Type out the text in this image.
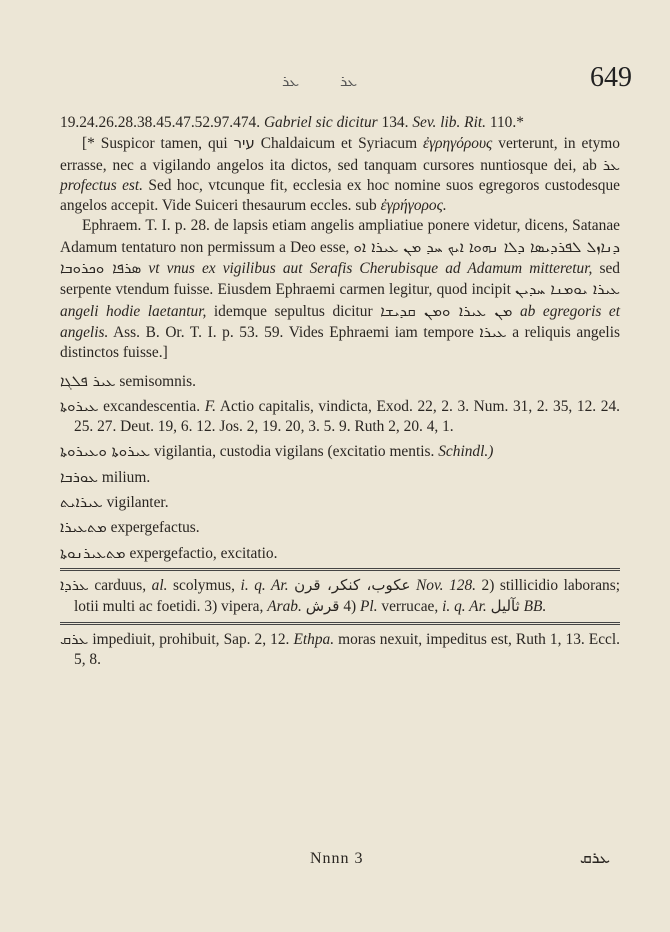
ܥܪ	ܥܪ	649

19.24.26.28.38.45.47.52.97.474. Gabriel sic dicitur 134. Sev. lib. Rit. 110.*

[* Suspicor tamen, qui עיר Chaldaicum et Syriacum ἐγρηγόρους verterunt, in etymo errasse, nec a vigilando angelos ita dictos, sed tanquam cursores nuntiosque dei, ab ܥܪ profectus est. Sed hoc, vtcunque fit, ecclesia ex hoc nomine suos egregoros custodesque angelos accepit. Vide Suiceri thesaurum eccles. sub ἐγρήγορος.

Ephraem. T. I. p. 28. de lapsis etiam angelis ampliatiue ponere videtur, dicens, Satanae Adamum tentaturo non permissum a Deo esse, ܕܢܐܙܠ ܠܦܪܕܝܣܐ ܕܠܐ ܢܗܘܐ ܐܝܟ ܚܕ ܡܢ ܥܝܪܐ ܐܘ ܣܪܦܐ ܘܟܪܘܒܐ vt vnus ex vigilibus aut Serafis Cherubisque ad Adamum mitteretur, sed serpente vtendum fuisse. Eiusdem Ephraemi carmen legitur, quod incipit ܥܝܪܐ ܝܘܡܢܐ ܚܕܝܢ angeli hodie laetantur, idemque sepultus dicitur ܡܢ ܥܝܪܐ ܘܡܢ ܩܕܝܫܐ ab egregoris et angelis. Ass. B. Or. T. I. p. 53. 59. Vides Ephraemi iam tempore ܥܝܪܐ a reliquis angelis distinctos fuisse.]

ܥܝܪ ܦܠܓܐ semisomnis.

ܥܝܪܘܬܐ excandescentia. F. Actio capitalis, vindicta, Exod. 22, 2. 3. Num. 31, 2. 35, 12. 24. 25. 27. Deut. 19, 6. 12. Jos. 2, 19. 20, 3. 5. 9. Ruth 2, 20. 4, 1.

ܥܝܪܘܬܐ ܘܥܝܪܘܬܐ vigilantia, custodia vigilans (excitatio mentis. Schindl.)

ܥܘܪܒܐ milium.

ܥܝܪܐܝܬ vigilanter.

ܡܬܥܝܪܐ expergefactus.

ܡܬܥܝܪܢܘܬܐ expergefactio, excitatio.

ܥܪܕܐ carduus, al. scolymus, i. q. Ar. عكوب، كنكر، قرن Nov. 128. 2) stillicidio laborans; lotii multi ac foetidi. 3) vipera, Arab. قرش 4) Pl. verrucae, i. q. Ar. ثآليل BB.

ܥܪܩ impediuit, prohibuit, Sap. 2, 12. Ethpa. moras nexuit, impeditus est, Ruth 1, 13. Eccl. 5, 8.

Nnnn 3	ܥܪܩ
